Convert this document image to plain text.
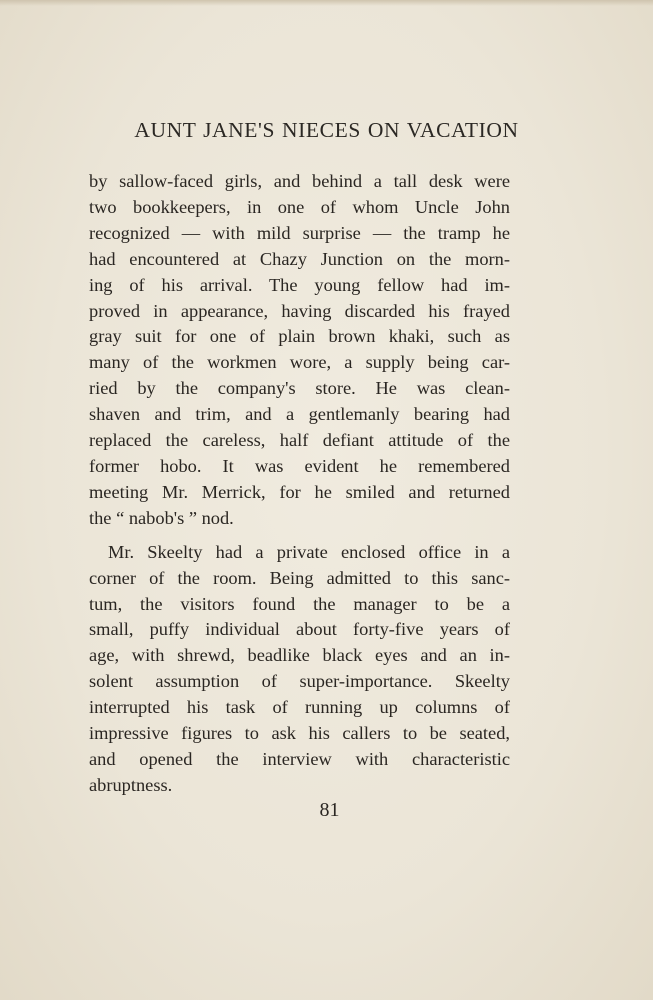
AUNT JANE'S NIECES ON VACATION

by sallow-faced girls, and behind a tall desk were
two bookkeepers, in one of whom Uncle John
recognized — with mild surprise — the tramp he
had encountered at Chazy Junction on the morn-
ing of his arrival. The young fellow had im-
proved in appearance, having discarded his frayed
gray suit for one of plain brown khaki, such as
many of the workmen wore, a supply being car-
ried by the company's store. He was clean-
shaven and trim, and a gentlemanly bearing had
replaced the careless, half defiant attitude of the
former hobo. It was evident he remembered
meeting Mr. Merrick, for he smiled and returned
the “ nabob's ” nod.

Mr. Skeelty had a private enclosed office in a
corner of the room. Being admitted to this sanc-
tum, the visitors found the manager to be a
small, puffy individual about forty-five years of
age, with shrewd, beadlike black eyes and an in-
solent assumption of super-importance. Skeelty
interrupted his task of running up columns of
impressive figures to ask his callers to be seated,
and opened the interview with characteristic
abruptness.

81
